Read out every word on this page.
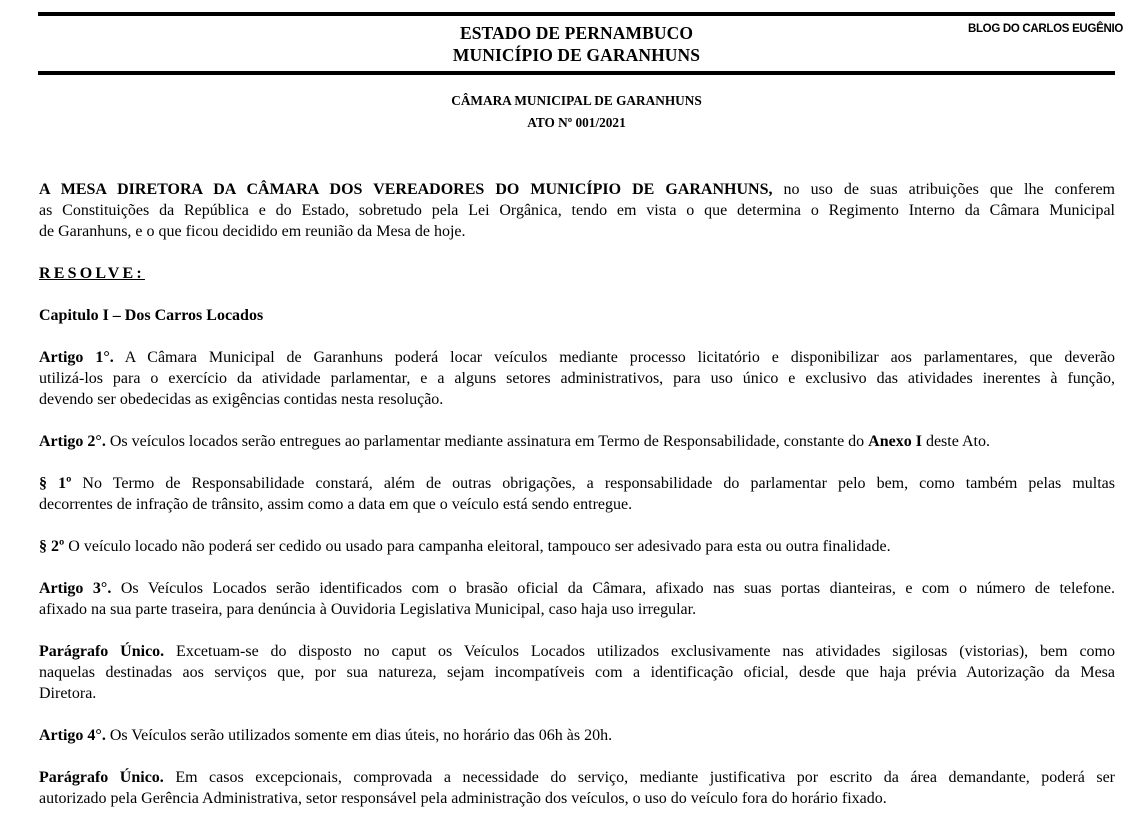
ESTADO DE PERNAMBUCO
MUNICÍPIO DE GARANHUNS
BLOG DO CARLOS EUGÊNIO
CÂMARA MUNICIPAL DE GARANHUNS
ATO Nº 001/2021
A MESA DIRETORA DA CÂMARA DOS VEREADORES DO MUNICÍPIO DE GARANHUNS, no uso de suas atribuições que lhe conferem
as Constituições da República e do Estado, sobretudo pela Lei Orgânica, tendo em vista o que determina o Regimento Interno da Câmara Municipal
de Garanhuns, e o que ficou decidido em reunião da Mesa de hoje.
RESOLVE:
Capitulo I – Dos Carros Locados
Artigo 1°. A Câmara Municipal de Garanhuns poderá locar veículos mediante processo licitatório e disponibilizar aos parlamentares, que deverão
utilizá-los para o exercício da atividade parlamentar, e a alguns setores administrativos, para uso único e exclusivo das atividades inerentes à função,
devendo ser obedecidas as exigências contidas nesta resolução.
Artigo 2°. Os veículos locados serão entregues ao parlamentar mediante assinatura em Termo de Responsabilidade, constante do Anexo I deste Ato.
§ 1º No Termo de Responsabilidade constará, além de outras obrigações, a responsabilidade do parlamentar pelo bem, como também pelas multas
decorrentes de infração de trânsito, assim como a data em que o veículo está sendo entregue.
§ 2º O veículo locado não poderá ser cedido ou usado para campanha eleitoral, tampouco ser adesivado para esta ou outra finalidade.
Artigo 3°. Os Veículos Locados serão identificados com o brasão oficial da Câmara, afixado nas suas portas dianteiras, e com o número de telefone.
afixado na sua parte traseira, para denúncia à Ouvidoria Legislativa Municipal, caso haja uso irregular.
Parágrafo Único. Excetuam-se do disposto no caput os Veículos Locados utilizados exclusivamente nas atividades sigilosas (vistorias), bem como
naquelas destinadas aos serviços que, por sua natureza, sejam incompatíveis com a identificação oficial, desde que haja prévia Autorização da Mesa
Diretora.
Artigo 4°. Os Veículos serão utilizados somente em dias úteis, no horário das 06h às 20h.
Parágrafo Único. Em casos excepcionais, comprovada a necessidade do serviço, mediante justificativa por escrito da área demandante, poderá ser
autorizado pela Gerência Administrativa, setor responsável pela administração dos veículos, o uso do veículo fora do horário fixado.
